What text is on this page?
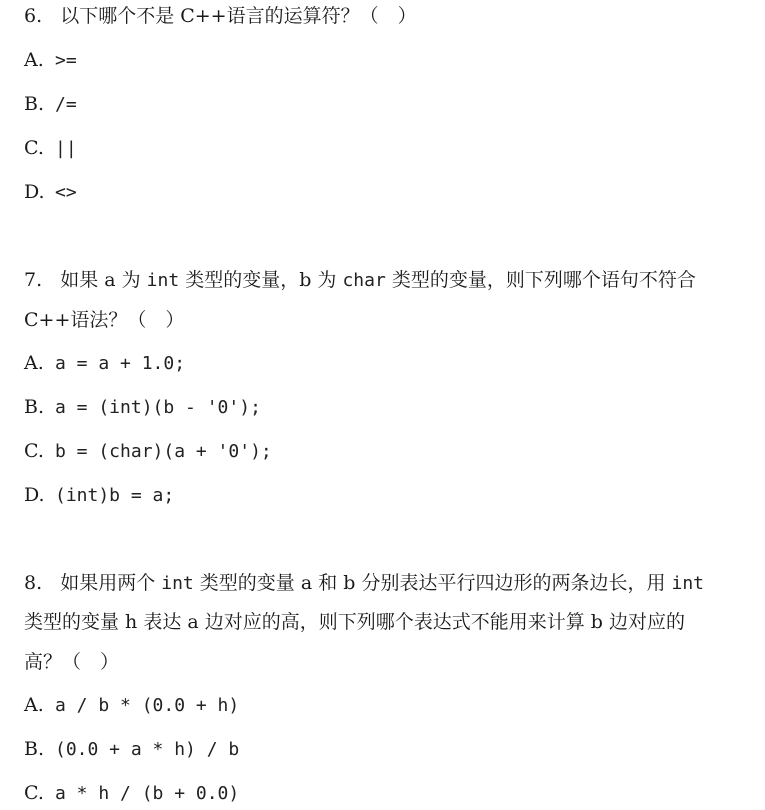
6. 以下哪个不是 C++语言的运算符？（　）
A. >=
B. /=
C. ||
D. <>
7. 如果 a 为 int 类型的变量，b 为 char 类型的变量，则下列哪个语句不符合
C++语法？（　）
A. a = a + 1.0;
B. a = (int)(b - '0');
C. b = (char)(a + '0');
D. (int)b = a;
8. 如果用两个 int 类型的变量 a 和 b 分别表达平行四边形的两条边长，用 int
类型的变量 h 表达 a 边对应的高，则下列哪个表达式不能用来计算 b 边对应的
高？（　）
A. a / b * (0.0 + h)
B. (0.0 + a * h) / b
C. a * h / (b + 0.0)
